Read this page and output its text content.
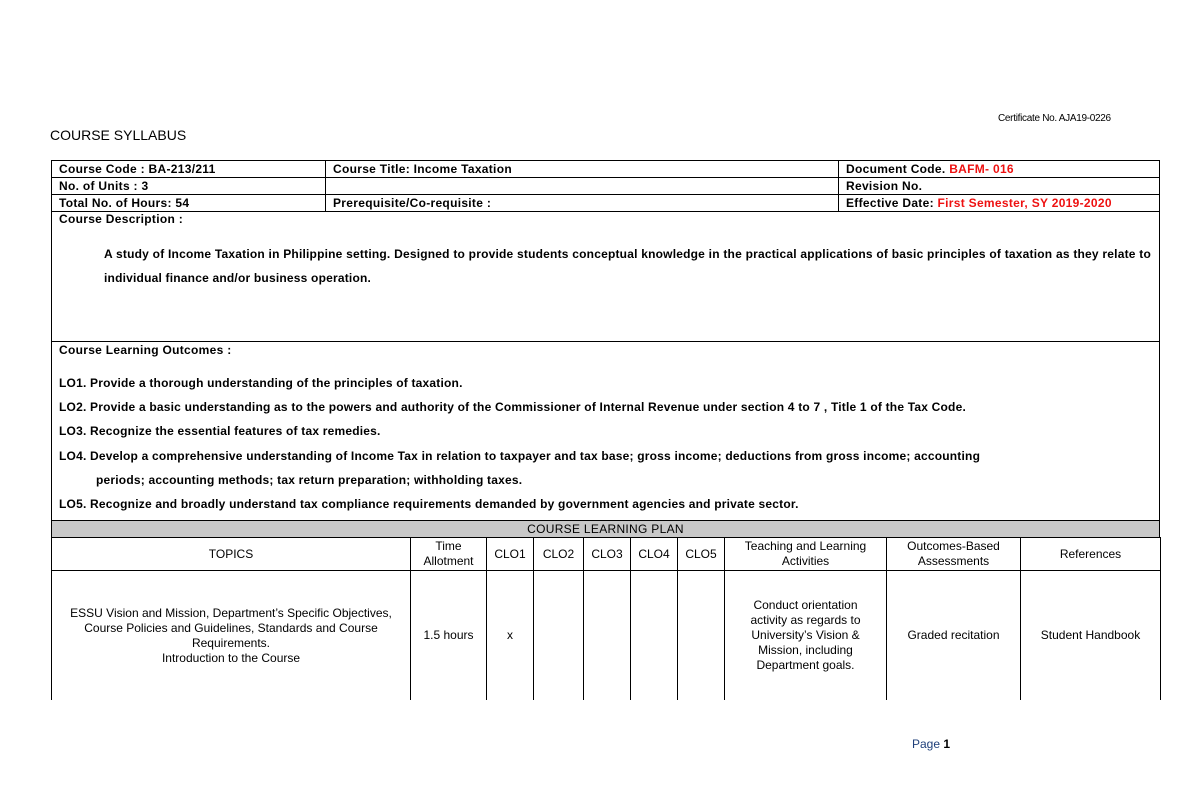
Certificate No. AJA19-0226
COURSE SYLLABUS
Course Code : BA-213/211	Course Title: Income Taxation	Document Code. BAFM- 016
No. of Units : 3		Revision No.
Total No. of Hours: 54	Prerequisite/Co-requisite :	Effective Date: First Semester, SY 2019-2020
Course Description :
A study of Income Taxation in Philippine setting. Designed to provide students conceptual knowledge in the practical applications of basic principles of taxation as they relate to individual finance and/or business operation.
Course Learning Outcomes :
LO1. Provide a thorough understanding of the principles of taxation.
LO2. Provide a basic understanding as to the powers and authority of the Commissioner of Internal Revenue under section 4 to 7 , Title 1 of the Tax Code.
LO3. Recognize the essential features of tax remedies.
LO4. Develop a comprehensive understanding of Income Tax in relation to taxpayer and tax base; gross income; deductions from gross income; accounting
periods; accounting methods; tax return preparation; withholding taxes.
LO5. Recognize and broadly understand tax compliance requirements demanded by government agencies and private sector.
COURSE LEARNING PLAN
TOPICS	Time Allotment	CLO1	CLO2	CLO3	CLO4	CLO5	Teaching and Learning Activities	Outcomes-Based Assessments	References

ESSU Vision and Mission, Department’s Specific Objectives, Course Policies and Guidelines, Standards and Course Requirements.
Introduction to the Course	1.5 hours	x					Conduct orientation activity as regards to University’s Vision & Mission, including Department goals.	Graded recitation	Student Handbook
Page 1
